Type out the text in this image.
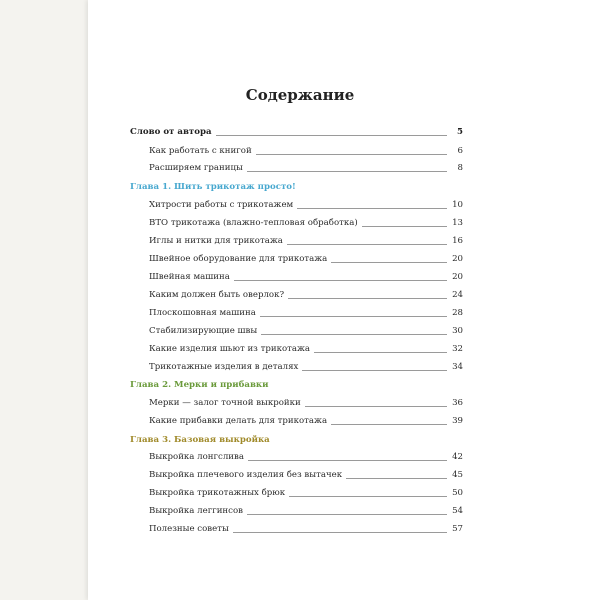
Содержание
Слово от автора	5
Как работать с книгой	6
Расширяем границы	8
Глава 1. Шить трикотаж просто!
Хитрости работы с трикотажем	10
ВТО трикотажа (влажно-тепловая обработка)	13
Иглы и нитки для трикотажа	16
Швейное оборудование для трикотажа	20
Швейная машина	20
Каким должен быть оверлок?	24
Плоскошовная машина	28
Стабилизирующие швы	30
Какие изделия шьют из трикотажа	32
Трикотажные изделия в деталях	34
Глава 2. Мерки и прибавки
Мерки — залог точной выкройки	36
Какие прибавки делать для трикотажа	39
Глава 3. Базовая выкройка
Выкройка лонгслива	42
Выкройка плечевого изделия без вытачек	45
Выкройка трикотажных брюк	50
Выкройка леггинсов	54
Полезные советы	57
